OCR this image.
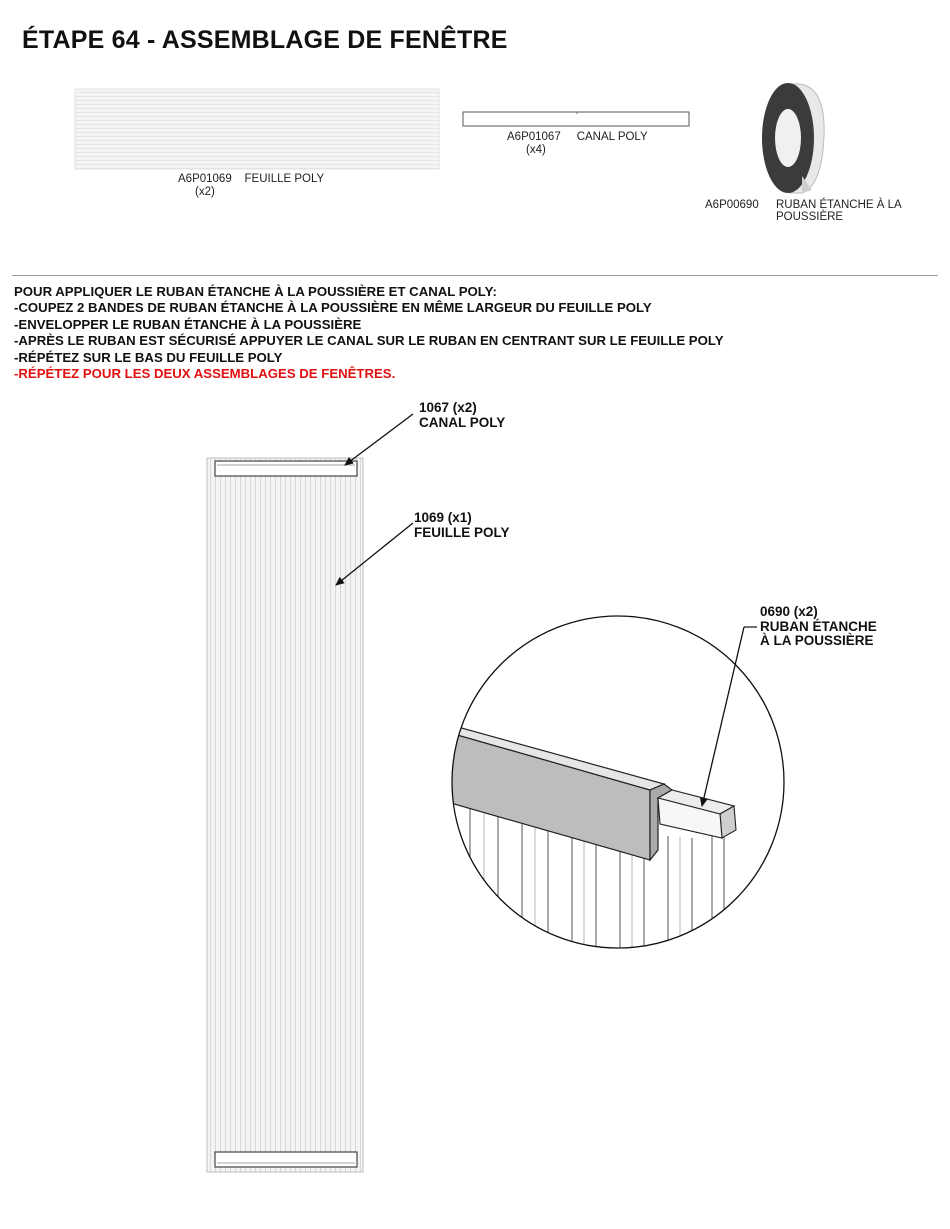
ÉTAPE 64 - ASSEMBLAGE DE FENÊTRE
A6P01069 FEUILLE POLY
(x2)
A6P01067 CANAL POLY
(x4)
A6P00690 RUBAN ÉTANCHE À LA
POUSSIÈRE
POUR APPLIQUER LE RUBAN ÉTANCHE À LA POUSSIÈRE ET CANAL POLY:
-COUPEZ 2 BANDES DE RUBAN ÉTANCHE À LA POUSSIÈRE EN MÊME LARGEUR DU FEUILLE POLY
-ENVELOPPER LE RUBAN ÉTANCHE À LA POUSSIÈRE
-APRÈS LE RUBAN EST SÉCURISÉ APPUYER LE CANAL SUR LE RUBAN EN CENTRANT SUR LE FEUILLE POLY
-RÉPÉTEZ SUR LE BAS DU FEUILLE POLY
-RÉPÉTEZ POUR LES DEUX ASSEMBLAGES DE FENÊTRES.
1067 (x2)
CANAL POLY
1069 (x1)
FEUILLE POLY
0690 (x2)
RUBAN ÉTANCHE
À LA POUSSIÈRE
